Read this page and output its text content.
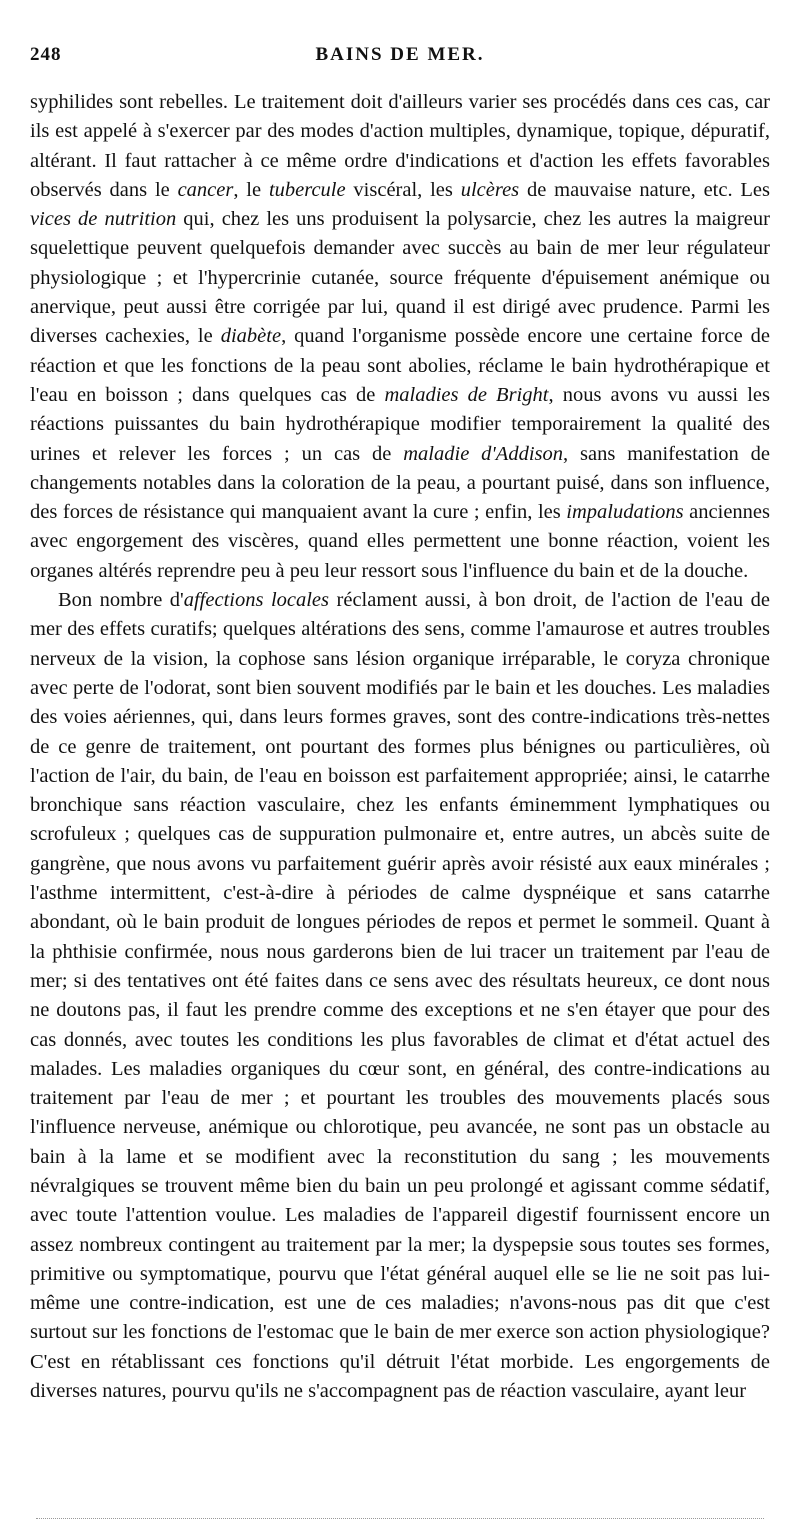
248	BAINS DE MER.

syphilides sont rebelles. Le traitement doit d'ailleurs varier ses procédés dans ces cas, car ils est appelé à s'exercer par des modes d'action multiples, dynamique, topique, dépuratif, altérant. Il faut rattacher à ce même ordre d'indications et d'action les effets favorables observés dans le cancer, le tubercule viscéral, les ulcères de mauvaise nature, etc. Les vices de nutrition qui, chez les uns produisent la polysarcie, chez les autres la maigreur squelettique peuvent quelquefois demander avec succès au bain de mer leur régulateur physiologique ; et l'hypercrinie cutanée, source fréquente d'épuisement anémique ou anervique, peut aussi être corrigée par lui, quand il est dirigé avec prudence. Parmi les diverses cachexies, le diabète, quand l'organisme possède encore une certaine force de réaction et que les fonctions de la peau sont abolies, réclame le bain hydrothérapique et l'eau en boisson ; dans quelques cas de maladies de Bright, nous avons vu aussi les réactions puissantes du bain hydrothérapique modifier temporairement la qualité des urines et relever les forces ; un cas de maladie d'Addison, sans manifestation de changements notables dans la coloration de la peau, a pourtant puisé, dans son influence, des forces de résistance qui manquaient avant la cure ; enfin, les impaludations anciennes avec engorgement des viscères, quand elles permettent une bonne réaction, voient les organes altérés reprendre peu à peu leur ressort sous l'influence du bain et de la douche.

Bon nombre d'affections locales réclament aussi, à bon droit, de l'action de l'eau de mer des effets curatifs; quelques altérations des sens, comme l'amaurose et autres troubles nerveux de la vision, la cophose sans lésion organique irréparable, le coryza chronique avec perte de l'odorat, sont bien souvent modifiés par le bain et les douches. Les maladies des voies aériennes, qui, dans leurs formes graves, sont des contre-indications très-nettes de ce genre de traitement, ont pourtant des formes plus bénignes ou particulières, où l'action de l'air, du bain, de l'eau en boisson est parfaitement appropriée; ainsi, le catarrhe bronchique sans réaction vasculaire, chez les enfants éminemment lymphatiques ou scrofuleux ; quelques cas de suppuration pulmonaire et, entre autres, un abcès suite de gangrène, que nous avons vu parfaitement guérir après avoir résisté aux eaux minérales ; l'asthme intermittent, c'est-à-dire à périodes de calme dyspnéique et sans catarrhe abondant, où le bain produit de longues périodes de repos et permet le sommeil. Quant à la phthisie confirmée, nous nous garderons bien de lui tracer un traitement par l'eau de mer; si des tentatives ont été faites dans ce sens avec des résultats heureux, ce dont nous ne doutons pas, il faut les prendre comme des exceptions et ne s'en étayer que pour des cas donnés, avec toutes les conditions les plus favorables de climat et d'état actuel des malades. Les maladies organiques du cœur sont, en général, des contre-indications au traitement par l'eau de mer ; et pourtant les troubles des mouvements placés sous l'influence nerveuse, anémique ou chlorotique, peu avancée, ne sont pas un obstacle au bain à la lame et se modifient avec la reconstitution du sang ; les mouvements névralgiques se trouvent même bien du bain un peu prolongé et agissant comme sédatif, avec toute l'attention voulue. Les maladies de l'appareil digestif fournissent encore un assez nombreux contingent au traitement par la mer; la dyspepsie sous toutes ses formes, primitive ou symptomatique, pourvu que l'état général auquel elle se lie ne soit pas lui-même une contre-indication, est une de ces maladies; n'avons-nous pas dit que c'est surtout sur les fonctions de l'estomac que le bain de mer exerce son action physiologique? C'est en rétablissant ces fonctions qu'il détruit l'état morbide. Les engorgements de diverses natures, pourvu qu'ils ne s'accompagnent pas de réaction vasculaire, ayant leur
